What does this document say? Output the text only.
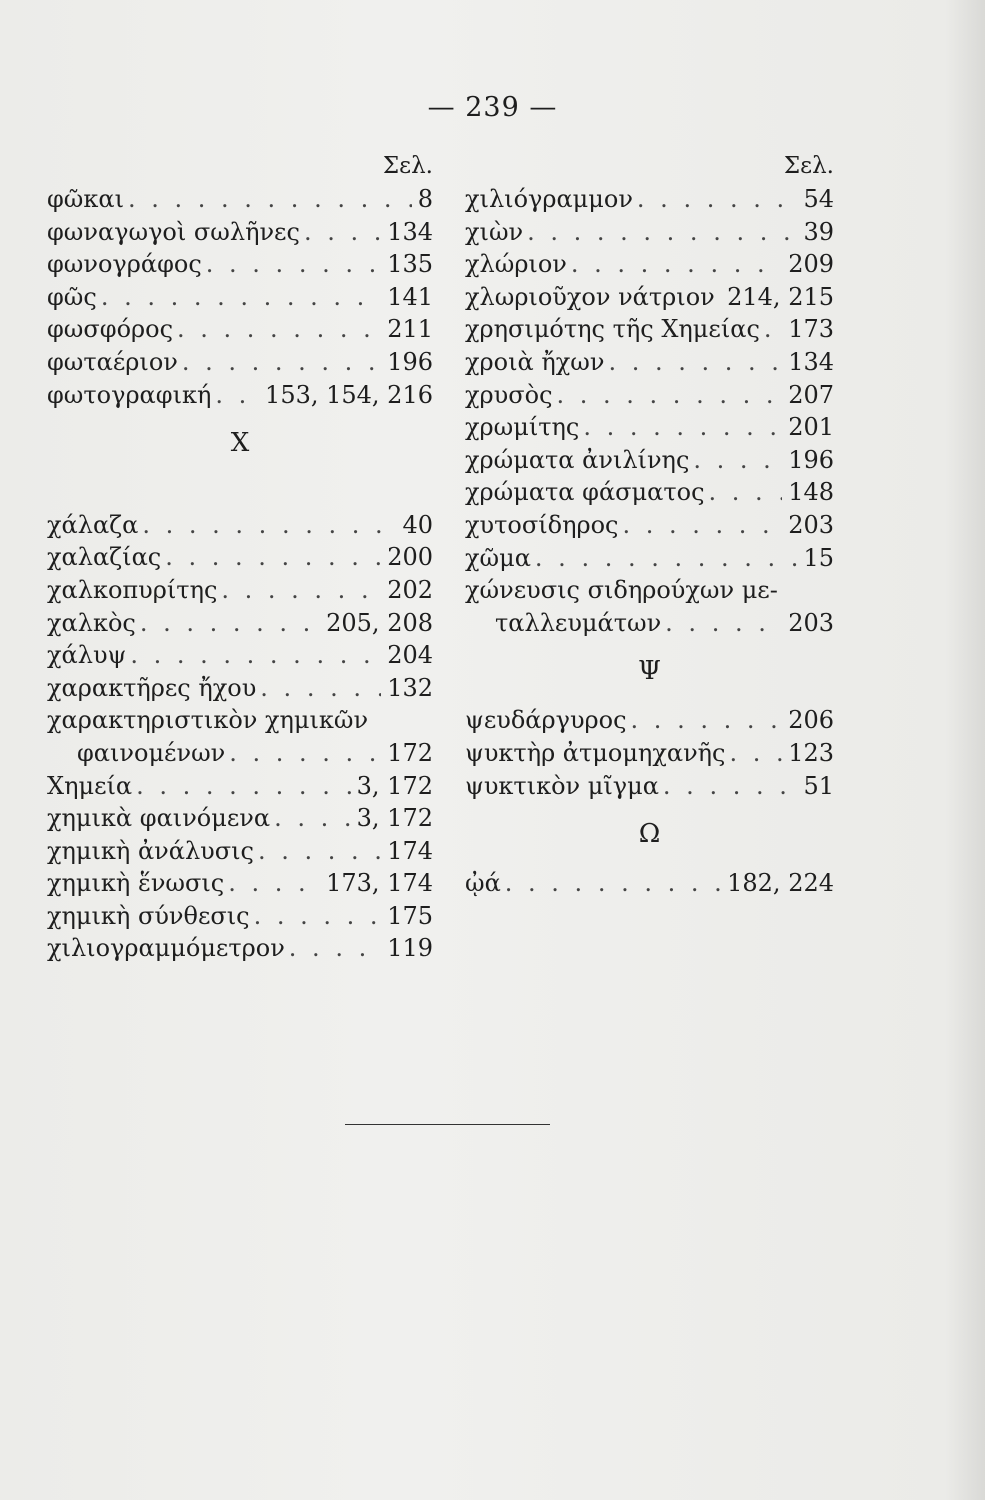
— 239 —
Σελ.
φῶκαι . . .	8
φωναγωγοὶ σωλῆνες . . .	134
φωνογράφος . . .	135
φῶς . . .	141
φωσφόρος . . .	211
φωταέριον . . .	196
φωτογραφική . . . 153, 154, 216
Χ
χάλαζα . . .	40
χαλαζίας . . .	200
χαλκοπυρίτης . . .	202
χαλκὸς . . .	205, 208
χάλυψ . . .	204
χαρακτῆρες ἤχου . . .	132
χαρακτηριστικὸν χημικῶν
φαινομένων . . .	172
Χημεία . . .	3, 172
χημικὰ φαινόμενα . . .	3, 172
χημικὴ ἀνάλυσις . . .	174
χημικὴ ἕνωσις . . .	173, 174
χημικὴ σύνθεσις . . .	175
χιλιογραμμόμετρον . . .	119
Σελ.
χιλιόγραμμον . . .	54
χιὼν . . .	39
χλώριον . . .	209
χλωριοῦχον νάτριον . . . 214, 215
χρησιμότης τῆς Χημείας . . . 173
χροιὰ ἤχων . . .	134
χρυσὸς . . .	207
χρωμίτης . . .	201
χρώματα ἀνιλίνης . . .	196
χρώματα φάσματος . . .	148
χυτοσίδηρος . . .	203
χῶμα . . .	15
χώνευσις σιδηρούχων με-
ταλλευμάτων . . .	203
Ψ
ψευδάργυρος . . .	206
ψυκτὴρ ἀτμομηχανῆς . . .	123
ψυκτικὸν μῖγμα . . .	51
Ω
ᾠά . . .	182, 224
